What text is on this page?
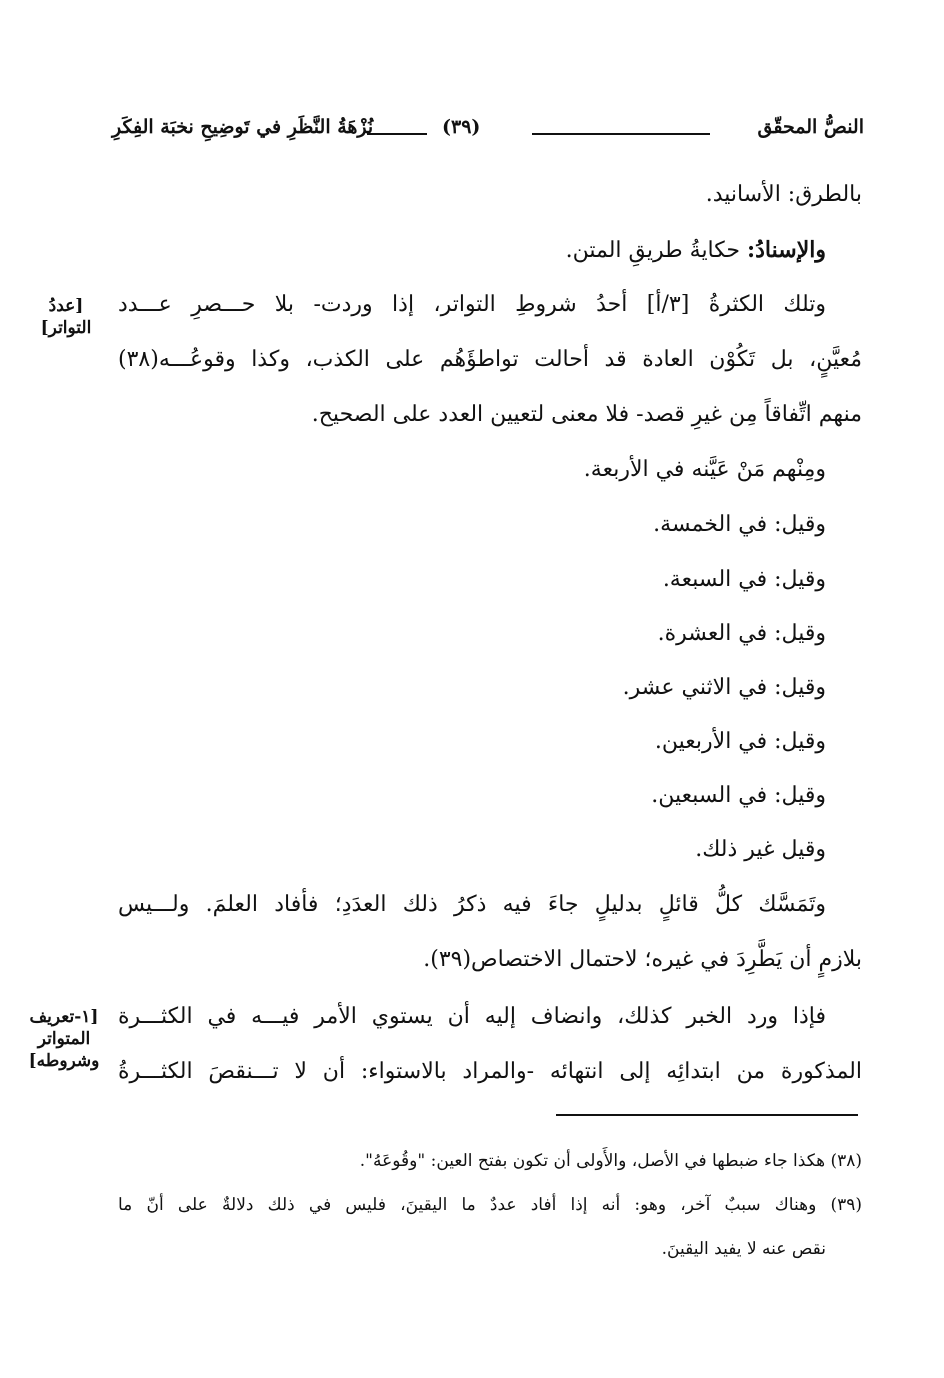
النصُّ المحقّق
(٣٩)
نُزْهَةُ النَّظَرِ في تَوضِيحِ نخبَة الفِكَرِ
بالطرق: الأسانيد.
والإسنادُ: حكايةُ طريقِ المتن.
وتلك الكثرةُ [٣/أ] أحدُ شروطِ التواتر، إذا وردت- بلا حـــصرِ عـــدد
مُعيَّنٍ، بل تَكُوْن العادة قد أحالت تواطؤَهُم على الكذب، وكذا وقوعُـــه(٣٨)
منهم اتِّفاقاً مِن غيرِ قصد- فلا معنى لتعيين العدد على الصحيح.
ومِنْهم مَنْ عَيَّنه في الأربعة.
وقيل: في الخمسة.
وقيل: في السبعة.
وقيل: في العشرة.
وقيل: في الاثني عشر.
وقيل: في الأربعين.
وقيل: في السبعين.
وقيل غير ذلك.
وتَمَسَّك كلُّ قائلٍ بدليلٍ جاءَ فيه ذكرُ ذلك العدَدِ؛ فأفاد العلمَ. ولـــيس
بلازمٍ أن يَطَّرِدَ في غيره؛ لاحتمال الاختصاص(٣٩).
فإذا ورد الخبر كذلك، وانضاف إليه أن يستوي الأمر فيـــه في الكثـــرة
المذكورة من ابتدائِه إلى انتهائه -والمراد بالاستواء: أن لا تـــنقصَ الكثـــرةُ
[عددُ
التواتر]
[١-تعريف
المتواتر
وشروطه]
(٣٨) هكذا جاء ضبطها في الأصل، والأَولى أن تكون بفتح العين: "وقُوعَهُ".
(٣٩) وهناك سببٌ آخر، وهو: أنه إذا أفاد عددٌ ما اليقينَ، فليس في ذلك دلالةٌ على أنّ ما
نقص عنه لا يفيد اليقينَ.
